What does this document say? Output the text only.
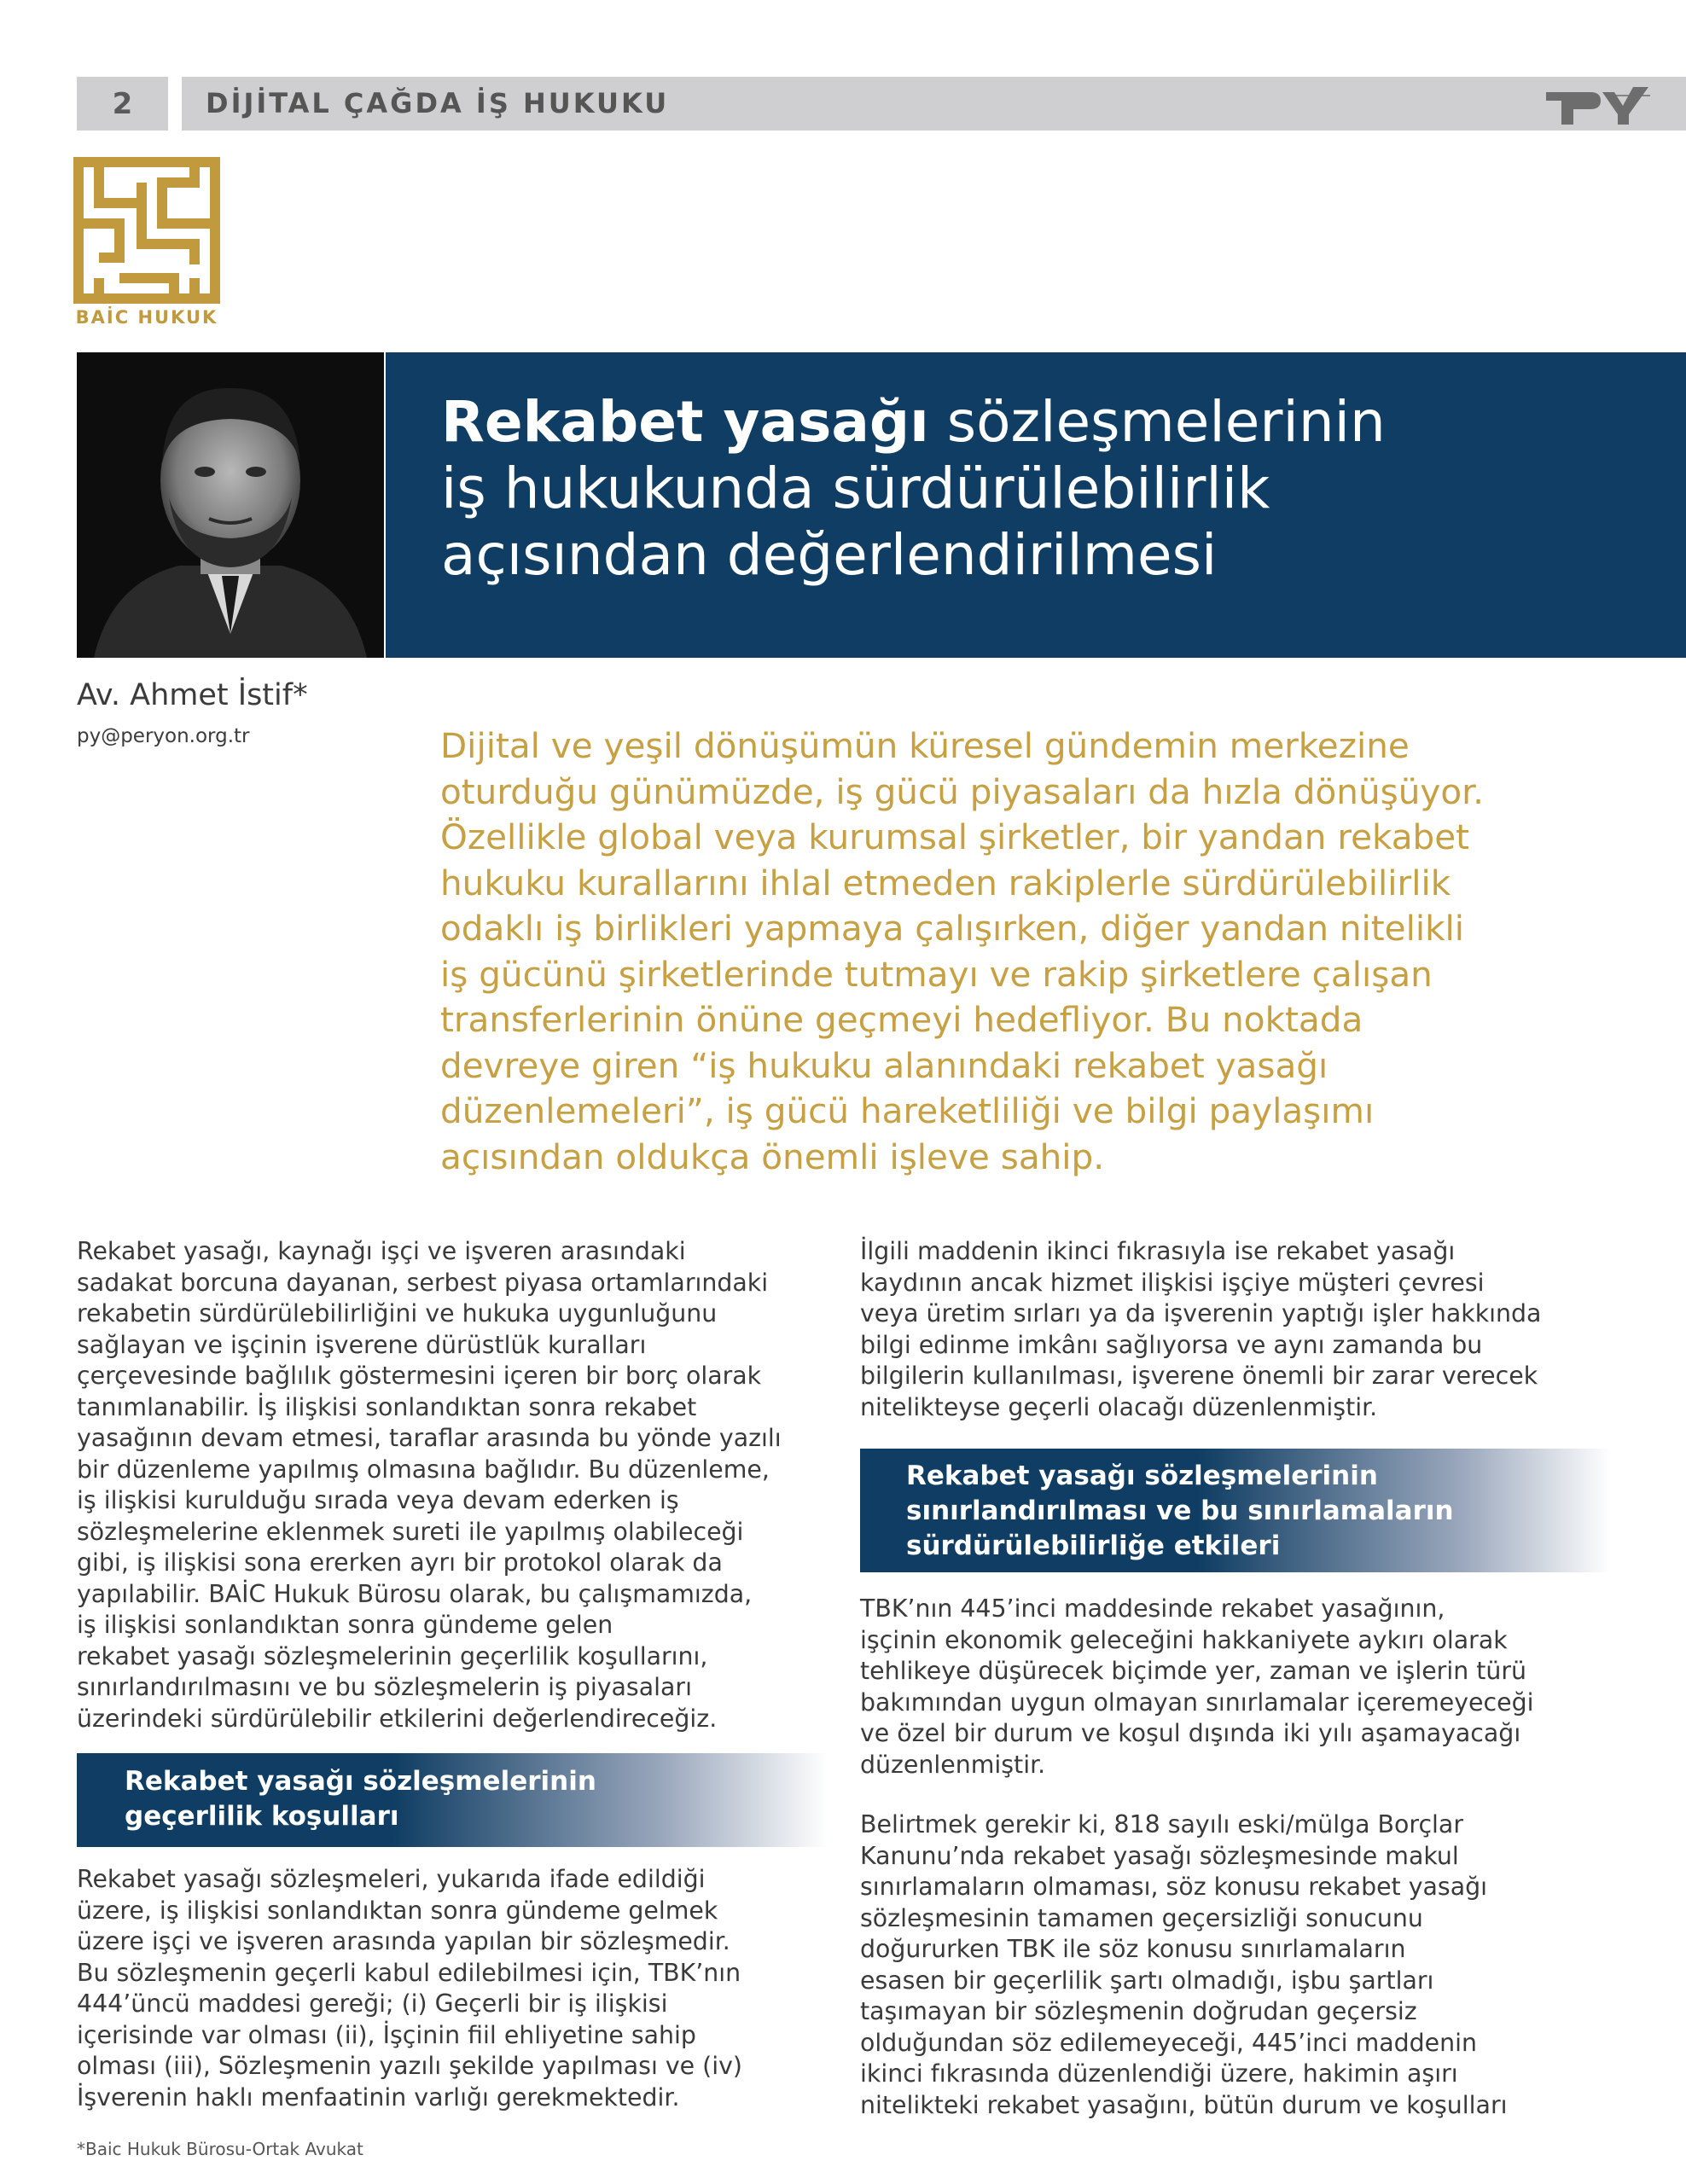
2	DİJİTAL ÇAĞDA İŞ HUKUKU
BAİC HUKUK
Rekabet yasağı sözleşmelerinin
iş hukukunda sürdürülebilirlik
açısından değerlendirilmesi
Av. Ahmet İstif*
py@peryon.org.tr	Dijital ve yeşil dönüşümün küresel gündemin merkezine
oturduğu günümüzde, iş gücü piyasaları da hızla dönüşüyor.
Özellikle global veya kurumsal şirketler, bir yandan rekabet
hukuku kurallarını ihlal etmeden rakiplerle sürdürülebilirlik
odaklı iş birlikleri yapmaya çalışırken, diğer yandan nitelikli
iş gücünü şirketlerinde tutmayı ve rakip şirketlere çalışan
transferlerinin önüne geçmeyi hedefliyor. Bu noktada
devreye giren “iş hukuku alanındaki rekabet yasağı
düzenlemeleri”, iş gücü hareketliliği ve bilgi paylaşımı
açısından oldukça önemli işleve sahip.

Rekabet yasağı, kaynağı işçi ve işveren arasındaki
sadakat borcuna dayanan, serbest piyasa ortamlarındaki
rekabetin sürdürülebilirliğini ve hukuka uygunluğunu
sağlayan ve işçinin işverene dürüstlük kuralları
çerçevesinde bağlılık göstermesini içeren bir borç olarak
tanımlanabilir. İş ilişkisi sonlandıktan sonra rekabet
yasağının devam etmesi, taraflar arasında bu yönde yazılı
bir düzenleme yapılmış olmasına bağlıdır. Bu düzenleme,
iş ilişkisi kurulduğu sırada veya devam ederken iş
sözleşmelerine eklenmek sureti ile yapılmış olabileceği
gibi, iş ilişkisi sona ererken ayrı bir protokol olarak da
yapılabilir. BAİC Hukuk Bürosu olarak, bu çalışmamızda,
iş ilişkisi sonlandıktan sonra gündeme gelen
rekabet yasağı sözleşmelerinin geçerlilik koşullarını,
sınırlandırılmasını ve bu sözleşmelerin iş piyasaları
üzerindeki sürdürülebilir etkilerini değerlendireceğiz.

Rekabet yasağı sözleşmelerinin
geçerlilik koşulları

Rekabet yasağı sözleşmeleri, yukarıda ifade edildiği
üzere, iş ilişkisi sonlandıktan sonra gündeme gelmek
üzere işçi ve işveren arasında yapılan bir sözleşmedir.
Bu sözleşmenin geçerli kabul edilebilmesi için, TBK’nın
444’üncü maddesi gereği; (i) Geçerli bir iş ilişkisi
içerisinde var olması (ii), İşçinin fiil ehliyetine sahip
olması (iii), Sözleşmenin yazılı şekilde yapılması ve (iv)
İşverenin haklı menfaatinin varlığı gerekmektedir.

İlgili maddenin ikinci fıkrasıyla ise rekabet yasağı
kaydının ancak hizmet ilişkisi işçiye müşteri çevresi
veya üretim sırları ya da işverenin yaptığı işler hakkında
bilgi edinme imkânı sağlıyorsa ve aynı zamanda bu
bilgilerin kullanılması, işverene önemli bir zarar verecek
nitelikteyse geçerli olacağı düzenlenmiştir.

Rekabet yasağı sözleşmelerinin
sınırlandırılması ve bu sınırlamaların
sürdürülebilirliğe etkileri

TBK’nın 445’inci maddesinde rekabet yasağının,
işçinin ekonomik geleceğini hakkaniyete aykırı olarak
tehlikeye düşürecek biçimde yer, zaman ve işlerin türü
bakımından uygun olmayan sınırlamalar içeremeyeceği
ve özel bir durum ve koşul dışında iki yılı aşamayacağı
düzenlenmiştir.

Belirtmek gerekir ki, 818 sayılı eski/mülga Borçlar
Kanunu’nda rekabet yasağı sözleşmesinde makul
sınırlamaların olmaması, söz konusu rekabet yasağı
sözleşmesinin tamamen geçersizliği sonucunu
doğururken TBK ile söz konusu sınırlamaların
esasen bir geçerlilik şartı olmadığı, işbu şartları
taşımayan bir sözleşmenin doğrudan geçersiz
olduğundan söz edilemeyeceği, 445’inci maddenin
ikinci fıkrasında düzenlendiği üzere, hakimin aşırı
nitelikteki rekabet yasağını, bütün durum ve koşulları

*Baic Hukuk Bürosu-Ortak Avukat
